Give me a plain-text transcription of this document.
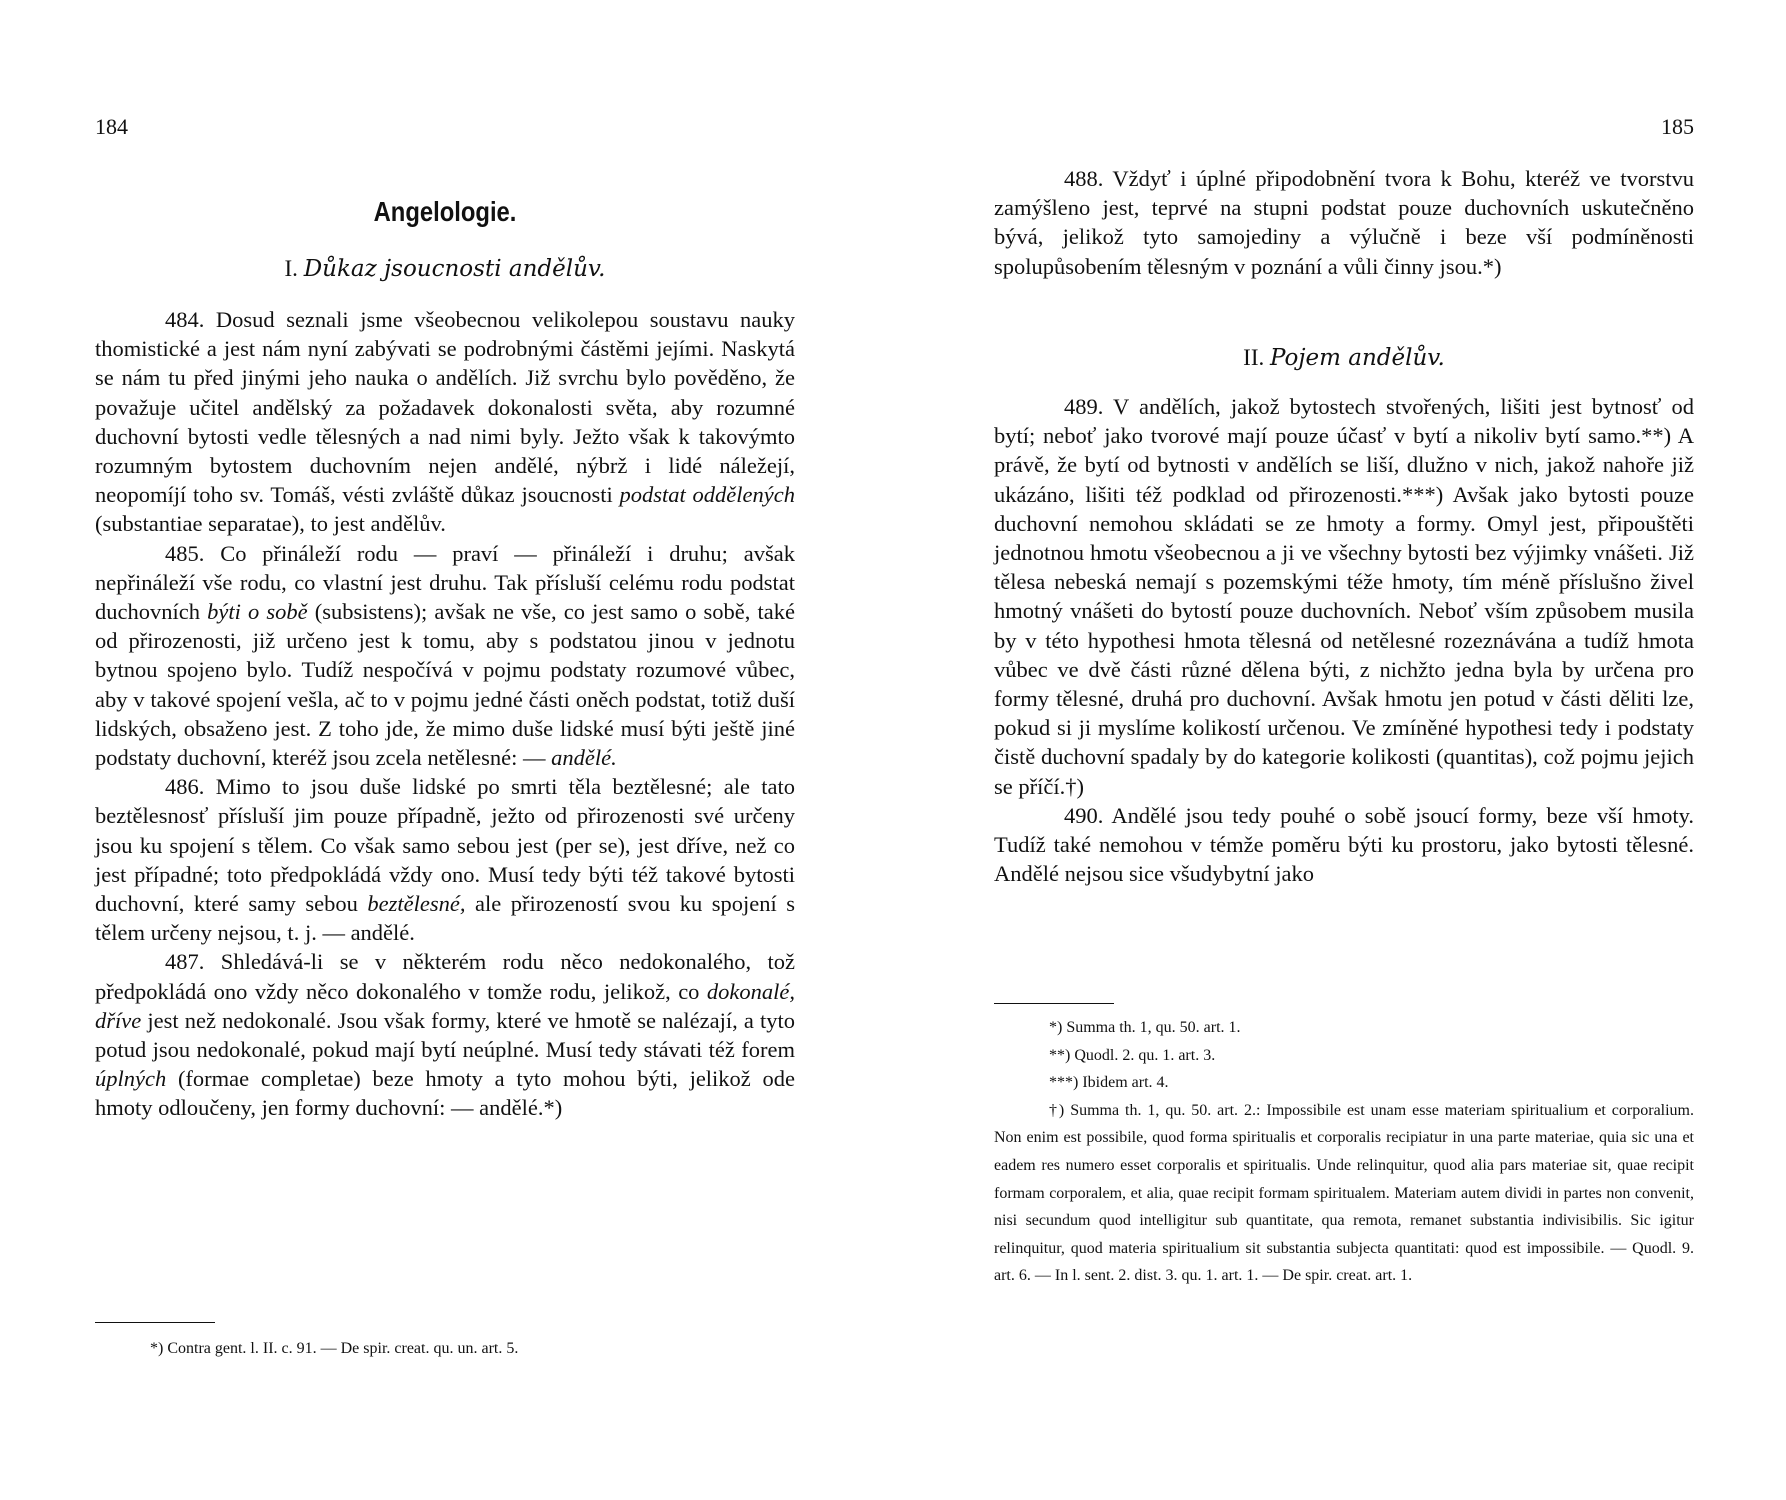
184
Angelologie.
I. Důkaz jsoucnosti andělův.

484. Dosud seznali jsme všeobecnou velikolepou soustavu nauky thomistické a jest nám nyní zabývati se podrobnými částěmi jejími. Naskytá se nám tu před jinými jeho nauka o andělích. Již svrchu bylo pověděno, že považuje učitel andělský za požadavek dokonalosti světa, aby rozumné duchovní bytosti vedle tělesných a nad nimi byly. Ježto však k takovýmto rozumným bytostem duchovním nejen andělé, nýbrž i lidé náležejí, neopomíjí toho sv. Tomáš, vésti zvláště důkaz jsoucnosti podstat oddělených (substantiae separatae), to jest andělův.

485. Co přináleží rodu — praví — přináleží i druhu; avšak nepřináleží vše rodu, co vlastní jest druhu. Tak přísluší celému rodu podstat duchovních býti o sobě (subsistens); avšak ne vše, co jest samo o sobě, také od přirozenosti, již určeno jest k tomu, aby s podstatou jinou v jednotu bytnou spojeno bylo. Tudíž nespočívá v pojmu podstaty rozumové vůbec, aby v takové spojení vešla, ač to v pojmu jedné části oněch podstat, totiž duší lidských, obsaženo jest. Z toho jde, že mimo duše lidské musí býti ještě jiné podstaty duchovní, kteréž jsou zcela netělesné: — andělé.

486. Mimo to jsou duše lidské po smrti těla beztělesné; ale tato beztělesnosť přísluší jim pouze případně, ježto od přirozenosti své určeny jsou ku spojení s tělem. Co však samo sebou jest (per se), jest dříve, než co jest případné; toto předpokládá vždy ono. Musí tedy býti též takové bytosti duchovní, které samy sebou beztělesné, ale přirozeností svou ku spojení s tělem určeny nejsou, t. j. — andělé.

487. Shledává-li se v některém rodu něco nedokonalého, tož předpokládá ono vždy něco dokonalého v tomže rodu, jelikož, co dokonalé, dříve jest než nedokonalé. Jsou však formy, které ve hmotě se nalézají, a tyto potud jsou nedokonalé, pokud mají bytí neúplné. Musí tedy stávati též forem úplných (formae completae) beze hmoty a tyto mohou býti, jelikož ode hmoty odloučeny, jen formy duchovní: — andělé.*)

*) Contra gent. l. II. c. 91. — De spir. creat. qu. un. art. 5.

185

488. Vždyť i úplné připodobnění tvora k Bohu, kteréž ve tvorstvu zamýšleno jest, teprvé na stupni podstat pouze duchovních uskutečněno bývá, jelikož tyto samojediny a výlučně i beze vší podmíněnosti spolupůsobením tělesným v poznání a vůli činny jsou.*)

II. Pojem andělův.

489. V andělích, jakož bytostech stvořených, lišiti jest bytnosť od bytí; neboť jako tvorové mají pouze účasť v bytí a nikoliv bytí samo.**) A právě, že bytí od bytnosti v andělích se liší, dlužno v nich, jakož nahoře již ukázáno, lišiti též podklad od přirozenosti.***) Avšak jako bytosti pouze duchovní nemohou skládati se ze hmoty a formy. Omyl jest, připouštěti jednotnou hmotu všeobecnou a ji ve všechny bytosti bez výjimky vnášeti. Již tělesa nebeská nemají s pozemskými téže hmoty, tím méně příslušno živel hmotný vnášeti do bytostí pouze duchovních. Neboť vším způsobem musila by v této hypothesi hmota tělesná od netělesné rozeznávána a tudíž hmota vůbec ve dvě části různé dělena býti, z nichžto jedna byla by určena pro formy tělesné, druhá pro duchovní. Avšak hmotu jen potud v části děliti lze, pokud si ji myslíme kolikostí určenou. Ve zmíněné hypothesi tedy i podstaty čistě duchovní spadaly by do kategorie kolikosti (quantitas), což pojmu jejich se příčí.†)

490. Andělé jsou tedy pouhé o sobě jsoucí formy, beze vší hmoty. Tudíž také nemohou v témže poměru býti ku prostoru, jako bytosti tělesné. Andělé nejsou sice všudybytní jako

*) Summa th. 1, qu. 50. art. 1.

**) Quodl. 2. qu. 1. art. 3.

***) Ibidem art. 4.

†) Summa th. 1, qu. 50. art. 2.: Impossibile est unam esse materiam spiritualium et corporalium. Non enim est possibile, quod forma spiritualis et corporalis recipiatur in una parte materiae, quia sic una et eadem res numero esset corporalis et spiritualis. Unde relinquitur, quod alia pars materiae sit, quae recipit formam corporalem, et alia, quae recipit formam spiritualem. Materiam autem dividi in partes non convenit, nisi secundum quod intelligitur sub quantitate, qua remota, remanet substantia indivisibilis. Sic igitur relinquitur, quod materia spiritualium sit substantia subjecta quantitati: quod est impossibile. — Quodl. 9. art. 6. — In l. sent. 2. dist. 3. qu. 1. art. 1. — De spir. creat. art. 1.
